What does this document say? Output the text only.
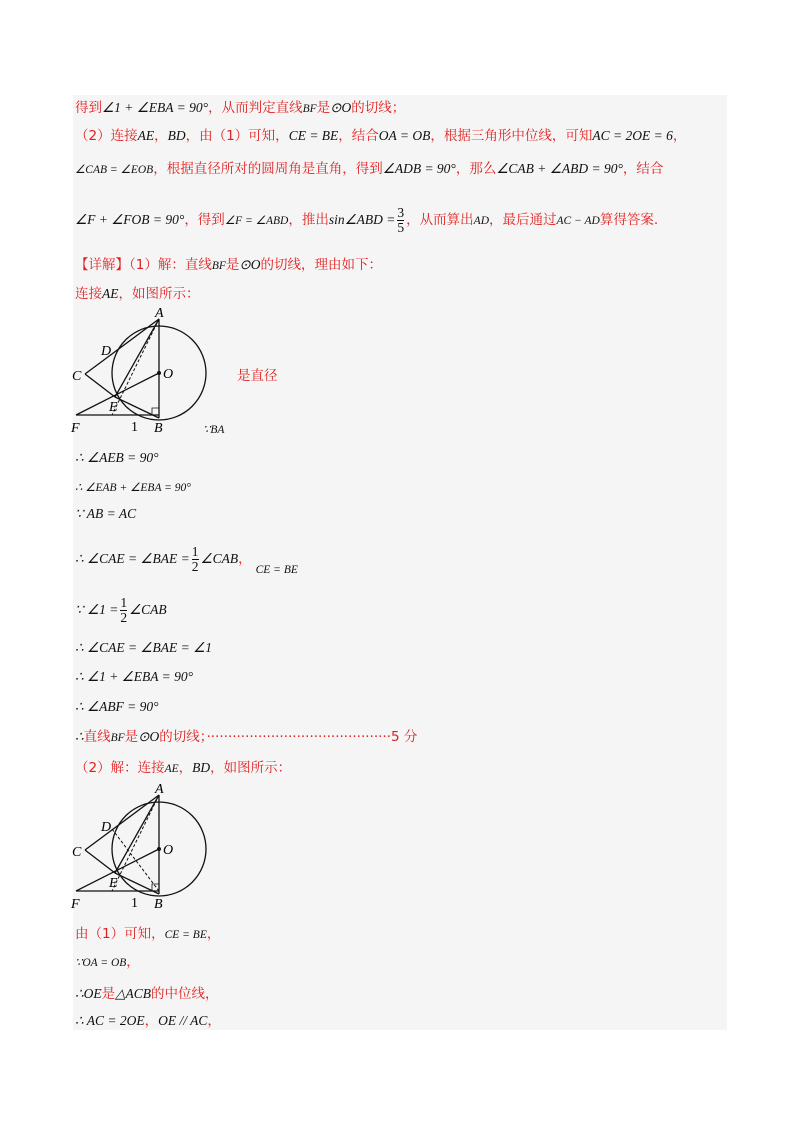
得到∠1 + ∠EBA = 90°，从而判定直线BF是⊙O的切线；
（2）连接AE，BD，由（1）可知，CE = BE，结合OA = OB，根据三角形中位线，可知AC = 2OE = 6，
∠CAB = ∠EOB，根据直径所对的圆周角是直角，得到∠ADB = 90°，那么∠CAB + ∠ABD = 90°，结合
∠F + ∠FOB = 90°，得到∠F = ∠ABD，推出sin∠ABD = $\frac{3}{5}$ ，从而算出AD，最后通过AC − AD算得答案.
【详解】（1）解：直线BF是⊙O的切线，理由如下：
连接AE，如图所示：
A
D
C	O
E
F	1 B
是直径
∵BA
∴ ∠AEB = 90°
∴ ∠EAB + ∠EBA = 90°
∵ AB = AC
∴ ∠CAE = ∠BAE = $\frac{1}{2}$ ∠CAB，CE = BE
∵ ∠1 = $\frac{1}{2}$ ∠CAB
∴ ∠CAE = ∠BAE = ∠1
∴ ∠1 + ∠EBA = 90°
∴ ∠ABF = 90°
∴直线BF是⊙O的切线；···········································5 分
（2）解：连接AE，BD，如图所示：
A
D
C	O
E
F	1 B
由（1）可知，CE = BE，
∵OA = OB，
∴OE是△ACB的中位线，
∴ AC = 2OE，OE // AC，
